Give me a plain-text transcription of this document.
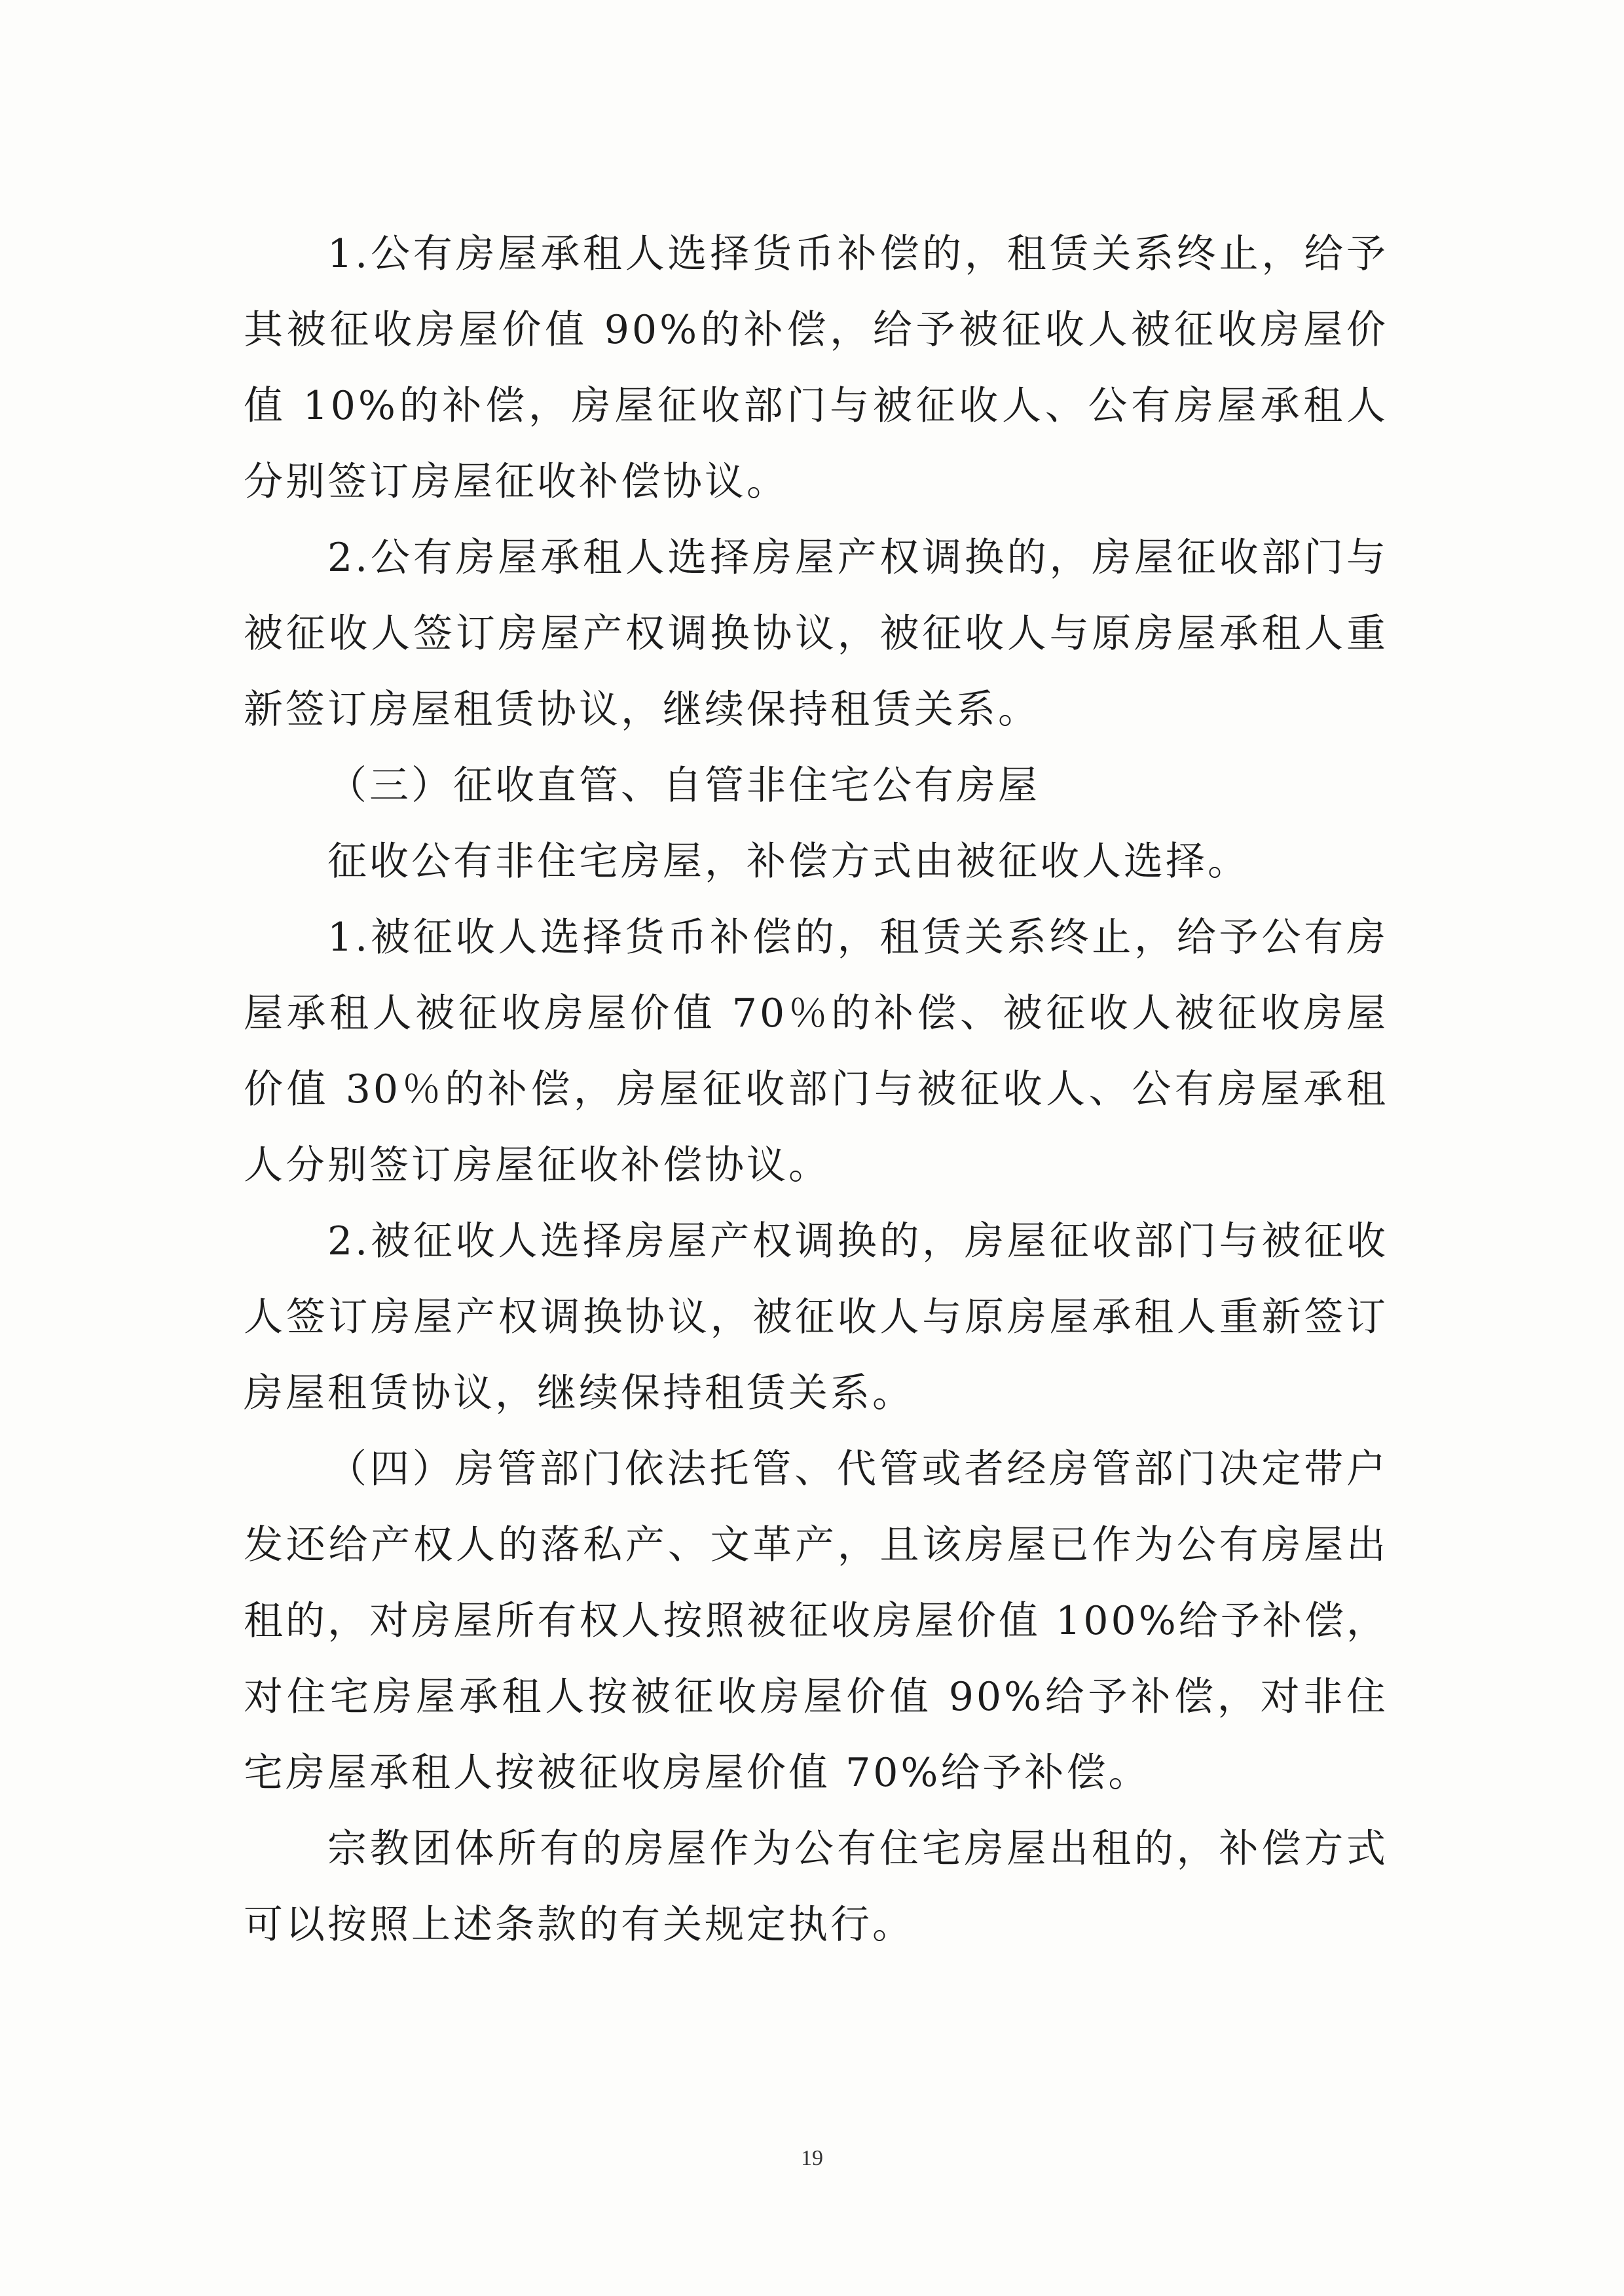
1.公有房屋承租人选择货币补偿的，租赁关系终止，给予其被征收房屋价值 90%的补偿，给予被征收人被征收房屋价值 10%的补偿，房屋征收部门与被征收人、公有房屋承租人分别签订房屋征收补偿协议。

2.公有房屋承租人选择房屋产权调换的，房屋征收部门与被征收人签订房屋产权调换协议，被征收人与原房屋承租人重新签订房屋租赁协议，继续保持租赁关系。

（三）征收直管、自管非住宅公有房屋

征收公有非住宅房屋，补偿方式由被征收人选择。

1.被征收人选择货币补偿的，租赁关系终止，给予公有房屋承租人被征收房屋价值 70％的补偿、被征收人被征收房屋价值 30％的补偿，房屋征收部门与被征收人、公有房屋承租人分别签订房屋征收补偿协议。

2.被征收人选择房屋产权调换的，房屋征收部门与被征收人签订房屋产权调换协议，被征收人与原房屋承租人重新签订房屋租赁协议，继续保持租赁关系。

（四）房管部门依法托管、代管或者经房管部门决定带户发还给产权人的落私产、文革产，且该房屋已作为公有房屋出租的，对房屋所有权人按照被征收房屋价值 100%给予补偿，对住宅房屋承租人按被征收房屋价值 90%给予补偿，对非住宅房屋承租人按被征收房屋价值 70%给予补偿。

宗教团体所有的房屋作为公有住宅房屋出租的，补偿方式可以按照上述条款的有关规定执行。

19
